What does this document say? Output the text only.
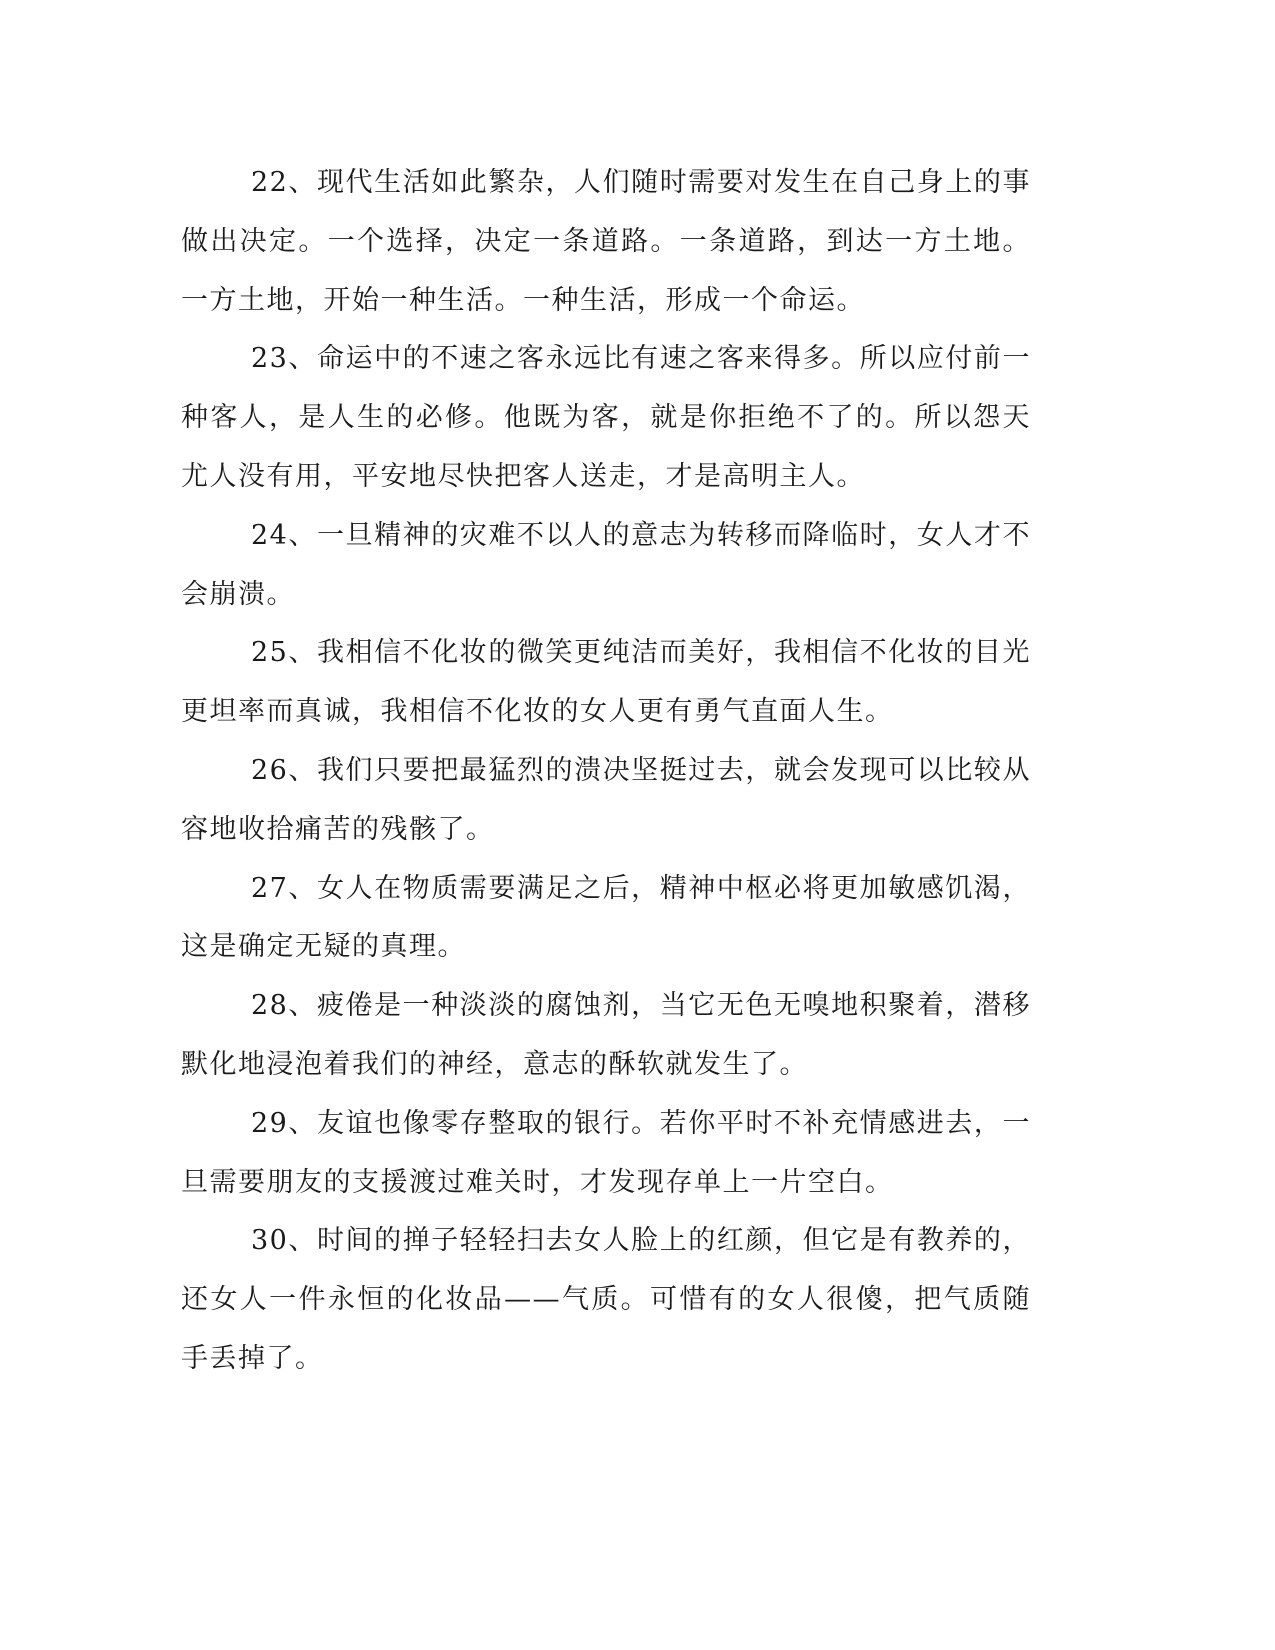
22、现代生活如此繁杂，人们随时需要对发生在自己身上的事做出决定。一个选择，决定一条道路。一条道路，到达一方土地。一方土地，开始一种生活。一种生活，形成一个命运。

23、命运中的不速之客永远比有速之客来得多。所以应付前一种客人，是人生的必修。他既为客，就是你拒绝不了的。所以怨天尤人没有用，平安地尽快把客人送走，才是高明主人。

24、一旦精神的灾难不以人的意志为转移而降临时，女人才不会崩溃。

25、我相信不化妆的微笑更纯洁而美好，我相信不化妆的目光更坦率而真诚，我相信不化妆的女人更有勇气直面人生。

26、我们只要把最猛烈的溃决坚挺过去，就会发现可以比较从容地收拾痛苦的残骸了。

27、女人在物质需要满足之后，精神中枢必将更加敏感饥渴，这是确定无疑的真理。

28、疲倦是一种淡淡的腐蚀剂，当它无色无嗅地积聚着，潜移默化地浸泡着我们的神经，意志的酥软就发生了。

29、友谊也像零存整取的银行。若你平时不补充情感进去，一旦需要朋友的支援渡过难关时，才发现存单上一片空白。

30、时间的掸子轻轻扫去女人脸上的红颜，但它是有教养的，还女人一件永恒的化妆品——气质。可惜有的女人很傻，把气质随手丢掉了。
